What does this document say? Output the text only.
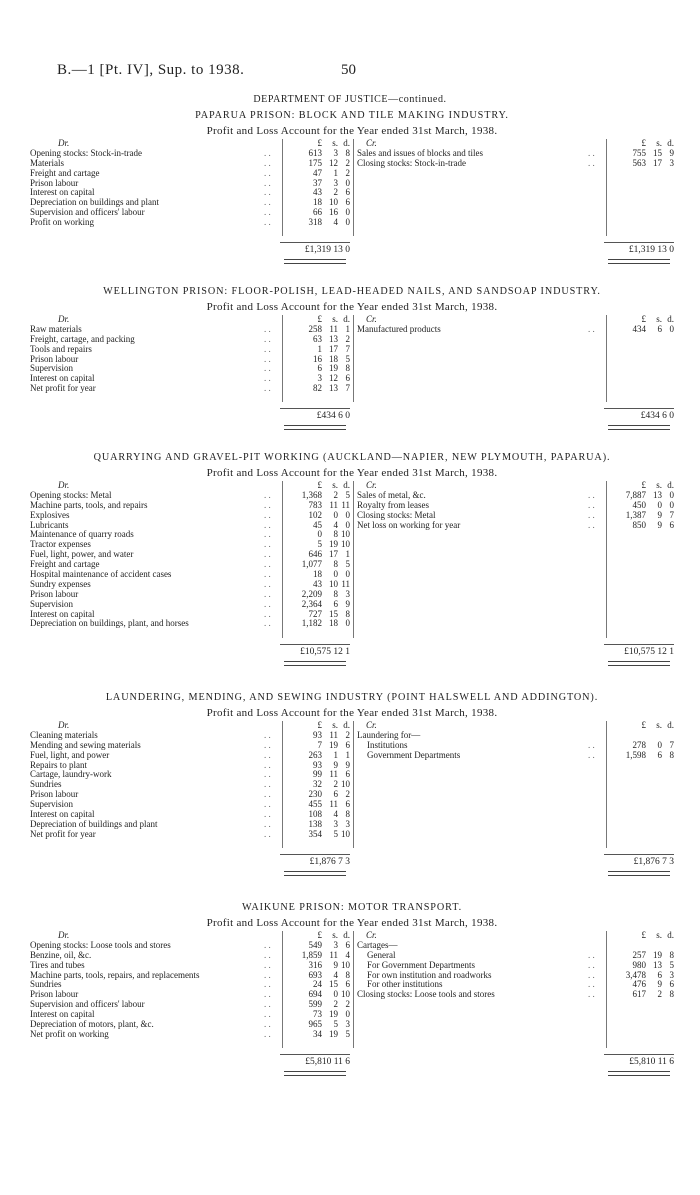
B.—1 [Pt. IV], Sup. to 1938.	50
DEPARTMENT OF JUSTICE—continued.
PAPARUA PRISON: BLOCK AND TILE MAKING INDUSTRY.
Profit and Loss Account for the Year ended 31st March, 1938.
Dr.	£	s. d.
Opening stocks: Stock-in-trade	. .	613	3 8
Materials	. .	175 12 2
Freight and cartage	. .	47	1 2
Prison labour	. .	37	3 0
Interest on capital	. .	43	2 6
Depreciation on buildings and plant	. .	18 10 6
Supervision and officers' labour	. .	66 16 0
Profit on working	. .	318	4 0
£1,319 13 0
Cr.	£	s. d.
Sales and issues of blocks and tiles	. .	755 15 9
Closing stocks: Stock-in-trade	. .	563 17 3
£1,319 13 0
WELLINGTON PRISON: FLOOR-POLISH, LEAD-HEADED NAILS, AND SANDSOAP INDUSTRY.
Profit and Loss Account for the Year ended 31st March, 1938.
Dr.	£	s. d.
Raw materials	. .	258 11 1
Freight, cartage, and packing	. .	63 13 2
Tools and repairs	. .	1 17 7
Prison labour	. .	16 18 5
Supervision	. .	6 19 8
Interest on capital	. .	3 12 6
Net profit for year	. .	82 13 7
£434 6 0
Cr.	£	s. d.
Manufactured products	. .	434	6 0
£434 6 0
QUARRYING AND GRAVEL-PIT WORKING (AUCKLAND—NAPIER, NEW PLYMOUTH, PAPARUA).
Profit and Loss Account for the Year ended 31st March, 1938.
Dr.	£	s. d.
Opening stocks: Metal	. .	1,368	2 5
Machine parts, tools, and repairs	. .	783 11 11
Explosives	. .	102	0 0
Lubricants	. .	45	4 0
Maintenance of quarry roads	. .	0	8 10
Tractor expenses	. .	5 19 10
Fuel, light, power, and water	. .	646 17 1
Freight and cartage	. .	1,077	8 5
Hospital maintenance of accident cases	. .	18	0 0
Sundry expenses	. .	43 10 11
Prison labour	. .	2,209	8 3
Supervision	. .	2,364	6 9
Interest on capital	. .	727 15 8
Depreciation on buildings, plant, and horses	. .	1,182 18 0
£10,575 12 1
Cr.	£	s. d.
Sales of metal, &c.	. .	7,887 13 0
Royalty from leases	. .	450	0 0
Closing stocks: Metal	. .	1,387	9 7
Net loss on working for year	. .	850	9 6
£10,575 12 1
LAUNDERING, MENDING, AND SEWING INDUSTRY (POINT HALSWELL AND ADDINGTON).
Profit and Loss Account for the Year ended 31st March, 1938.
Dr.	£	s. d.
Cleaning materials	. .	93 11 2
Mending and sewing materials	. .	7 19 6
Fuel, light, and power	. .	263	1 1
Repairs to plant	. .	93	9 9
Cartage, laundry-work	. .	99 11 6
Sundries	. .	32	2 10
Prison labour	. .	230	6 2
Supervision	. .	455 11 6
Interest on capital	. .	108	4 8
Depreciation of buildings and plant	. .	138	3 3
Net profit for year	. .	354	5 10
£1,876 7 3
Cr.	£	s. d.
Laundering for—
Institutions	. .	278	0 7
Government Departments	. .	1,598	6 8
£1,876 7 3
WAIKUNE PRISON: MOTOR TRANSPORT.
Profit and Loss Account for the Year ended 31st March, 1938.
Dr.	£	s. d.
Opening stocks: Loose tools and stores	. .	549	3 6
Benzine, oil, &c.	. .	1,859 11 4
Tires and tubes	. .	316	9 10
Machine parts, tools, repairs, and replacements	. .	693	4 8
Sundries	. .	24 15 6
Prison labour	. .	694	0 10
Supervision and officers' labour	. .	599	2 2
Interest on capital	. .	73 19 0
Depreciation of motors, plant, &c.	. .	965	5 3
Net profit on working	. .	34 19 5
£5,810 11 6
Cr.	£	s. d.
Cartages—
General	. .	257 19 8
For Government Departments	. .	980 13 5
For own institution and roadworks	. .	3,478	6 3
For other institutions	. .	476	9 6
Closing stocks: Loose tools and stores	. .	617	2 8
£5,810 11 6
